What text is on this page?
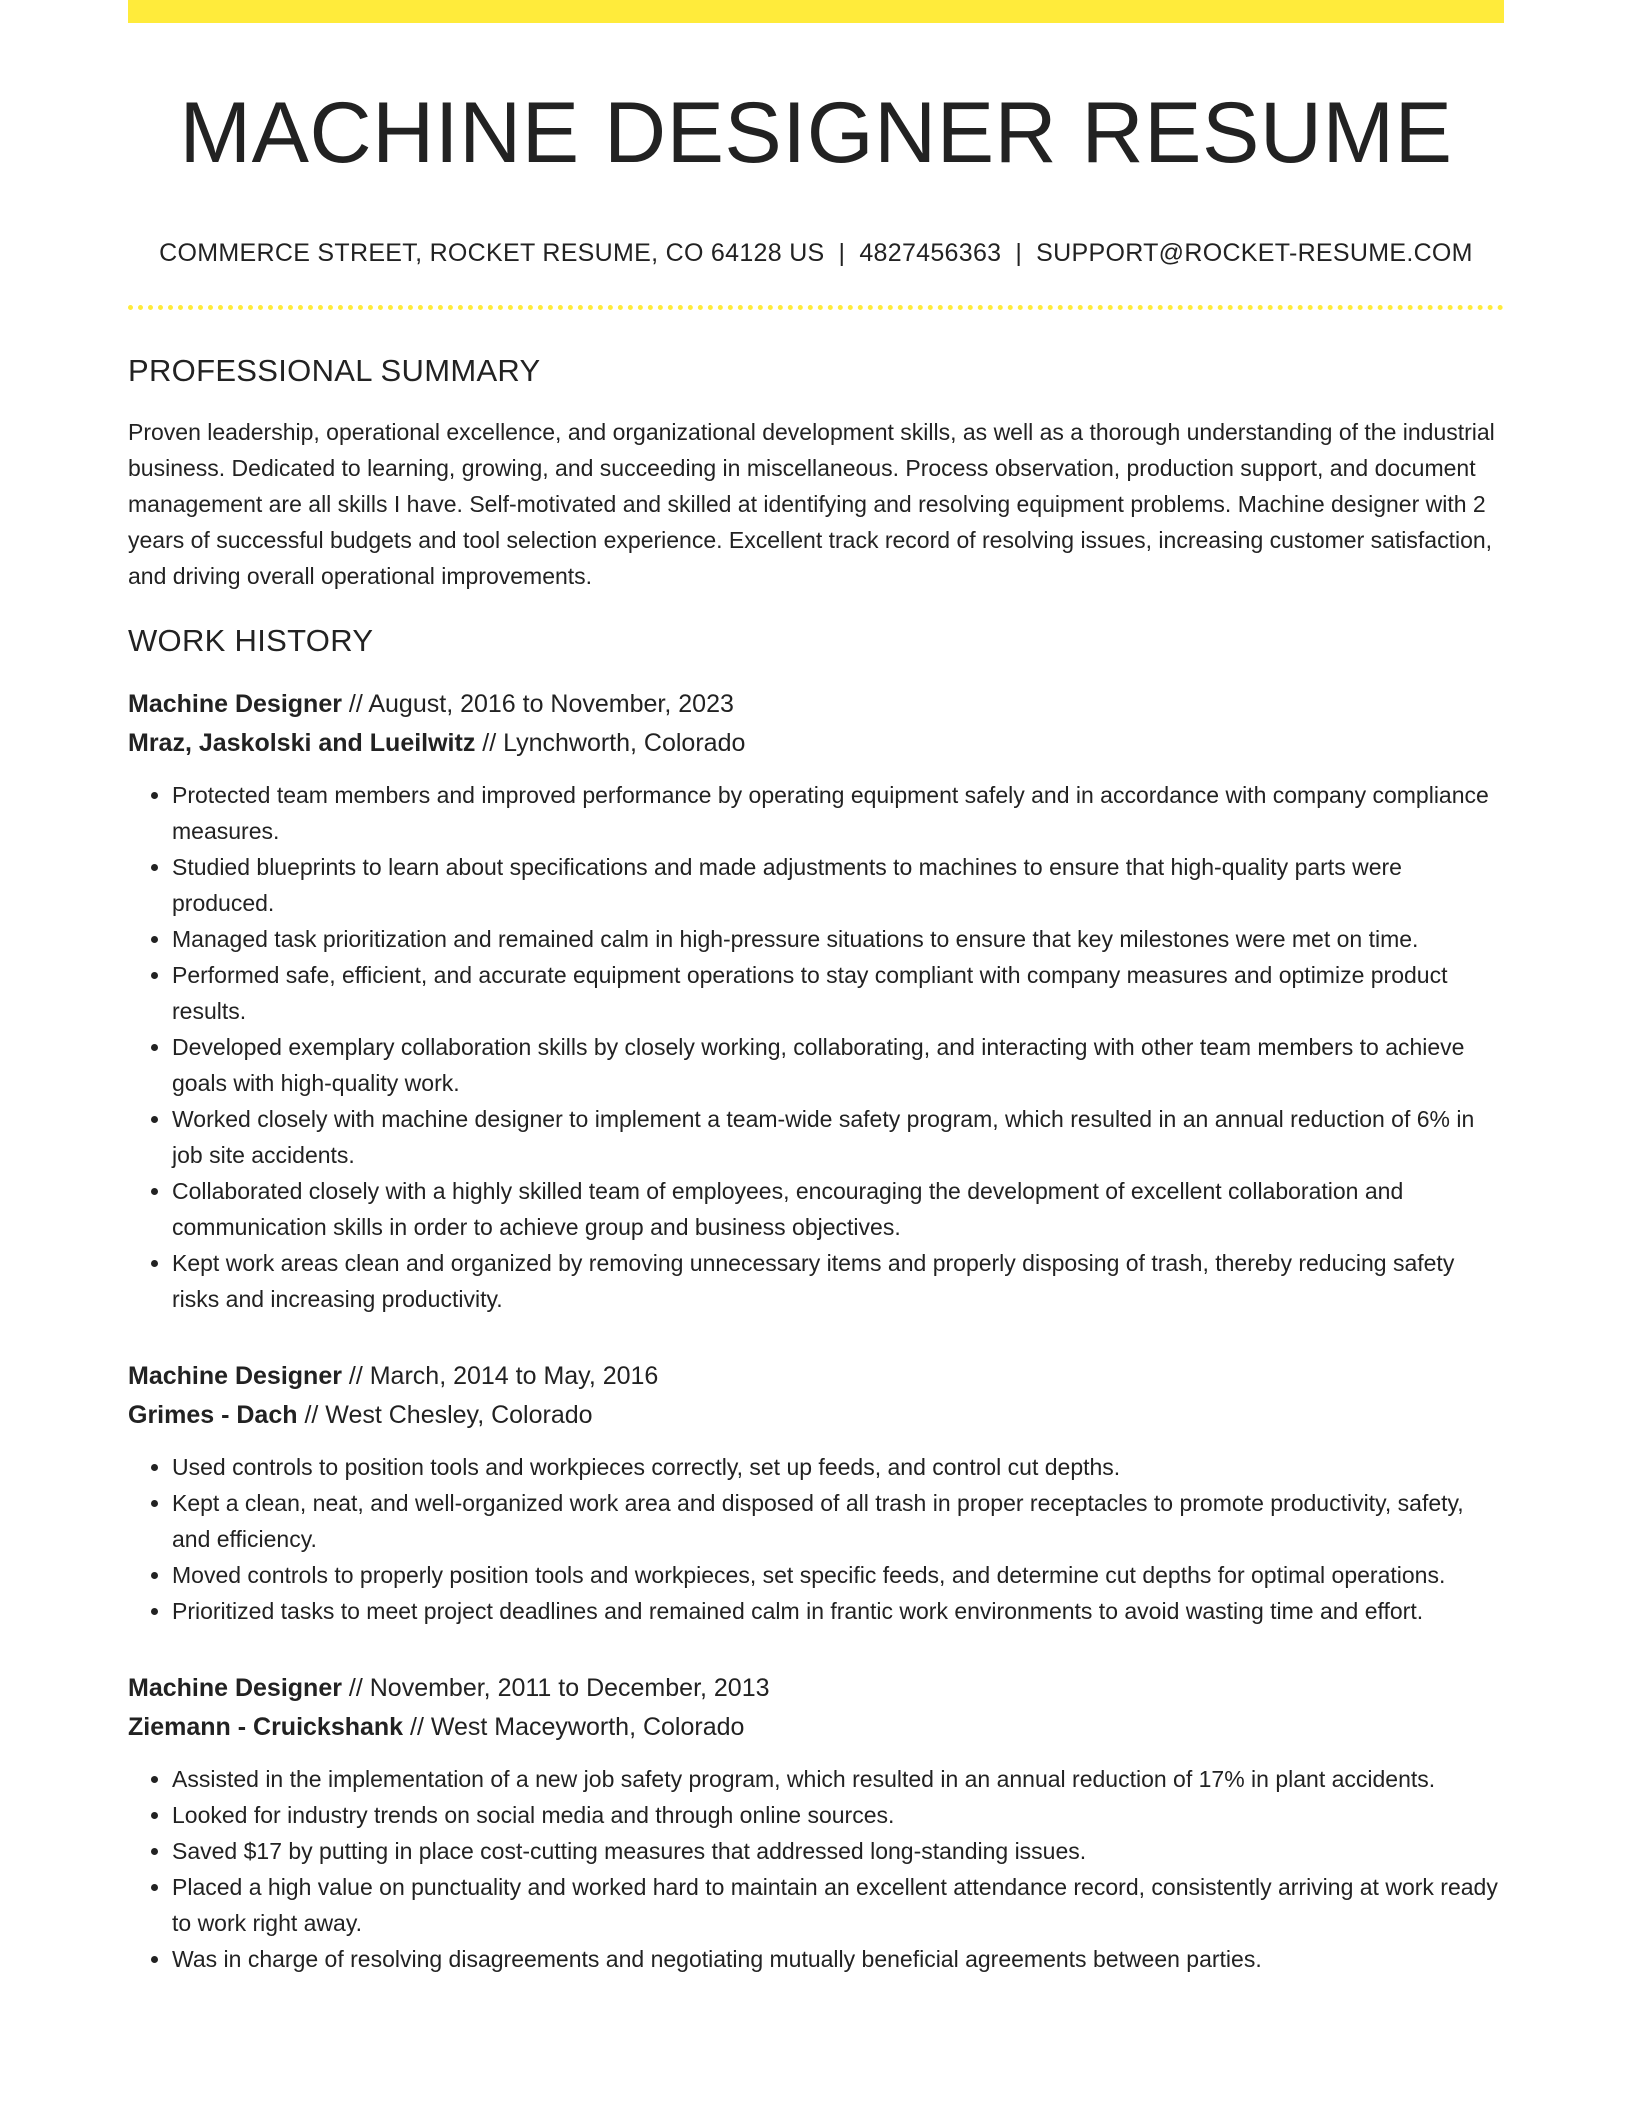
MACHINE DESIGNER RESUME
COMMERCE STREET, ROCKET RESUME, CO 64128 US | 4827456363 | SUPPORT@ROCKET-RESUME.COM
PROFESSIONAL SUMMARY

Proven leadership, operational excellence, and organizational development skills, as well as a thorough understanding of the industrial business. Dedicated to learning, growing, and succeeding in miscellaneous. Process observation, production support, and document management are all skills I have. Self-motivated and skilled at identifying and resolving equipment problems. Machine designer with 2 years of successful budgets and tool selection experience. Excellent track record of resolving issues, increasing customer satisfaction, and driving overall operational improvements.

WORK HISTORY
Machine Designer // August, 2016 to November, 2023
Mraz, Jaskolski and Lueilwitz // Lynchworth, Colorado
• Protected team members and improved performance by operating equipment safely and in accordance with company compliance measures.
• Studied blueprints to learn about specifications and made adjustments to machines to ensure that high-quality parts were produced.
• Managed task prioritization and remained calm in high-pressure situations to ensure that key milestones were met on time.
• Performed safe, efficient, and accurate equipment operations to stay compliant with company measures and optimize product results.
• Developed exemplary collaboration skills by closely working, collaborating, and interacting with other team members to achieve goals with high-quality work.
• Worked closely with machine designer to implement a team-wide safety program, which resulted in an annual reduction of 6% in job site accidents.
• Collaborated closely with a highly skilled team of employees, encouraging the development of excellent collaboration and communication skills in order to achieve group and business objectives.
• Kept work areas clean and organized by removing unnecessary items and properly disposing of trash, thereby reducing safety risks and increasing productivity.
Machine Designer // March, 2014 to May, 2016
Grimes - Dach // West Chesley, Colorado
• Used controls to position tools and workpieces correctly, set up feeds, and control cut depths.
• Kept a clean, neat, and well-organized work area and disposed of all trash in proper receptacles to promote productivity, safety, and efficiency.
• Moved controls to properly position tools and workpieces, set specific feeds, and determine cut depths for optimal operations.
• Prioritized tasks to meet project deadlines and remained calm in frantic work environments to avoid wasting time and effort.
Machine Designer // November, 2011 to December, 2013
Ziemann - Cruickshank // West Maceyworth, Colorado
• Assisted in the implementation of a new job safety program, which resulted in an annual reduction of 17% in plant accidents.
• Looked for industry trends on social media and through online sources.
• Saved $17 by putting in place cost-cutting measures that addressed long-standing issues.
• Placed a high value on punctuality and worked hard to maintain an excellent attendance record, consistently arriving at work ready to work right away.
• Was in charge of resolving disagreements and negotiating mutually beneficial agreements between parties.
